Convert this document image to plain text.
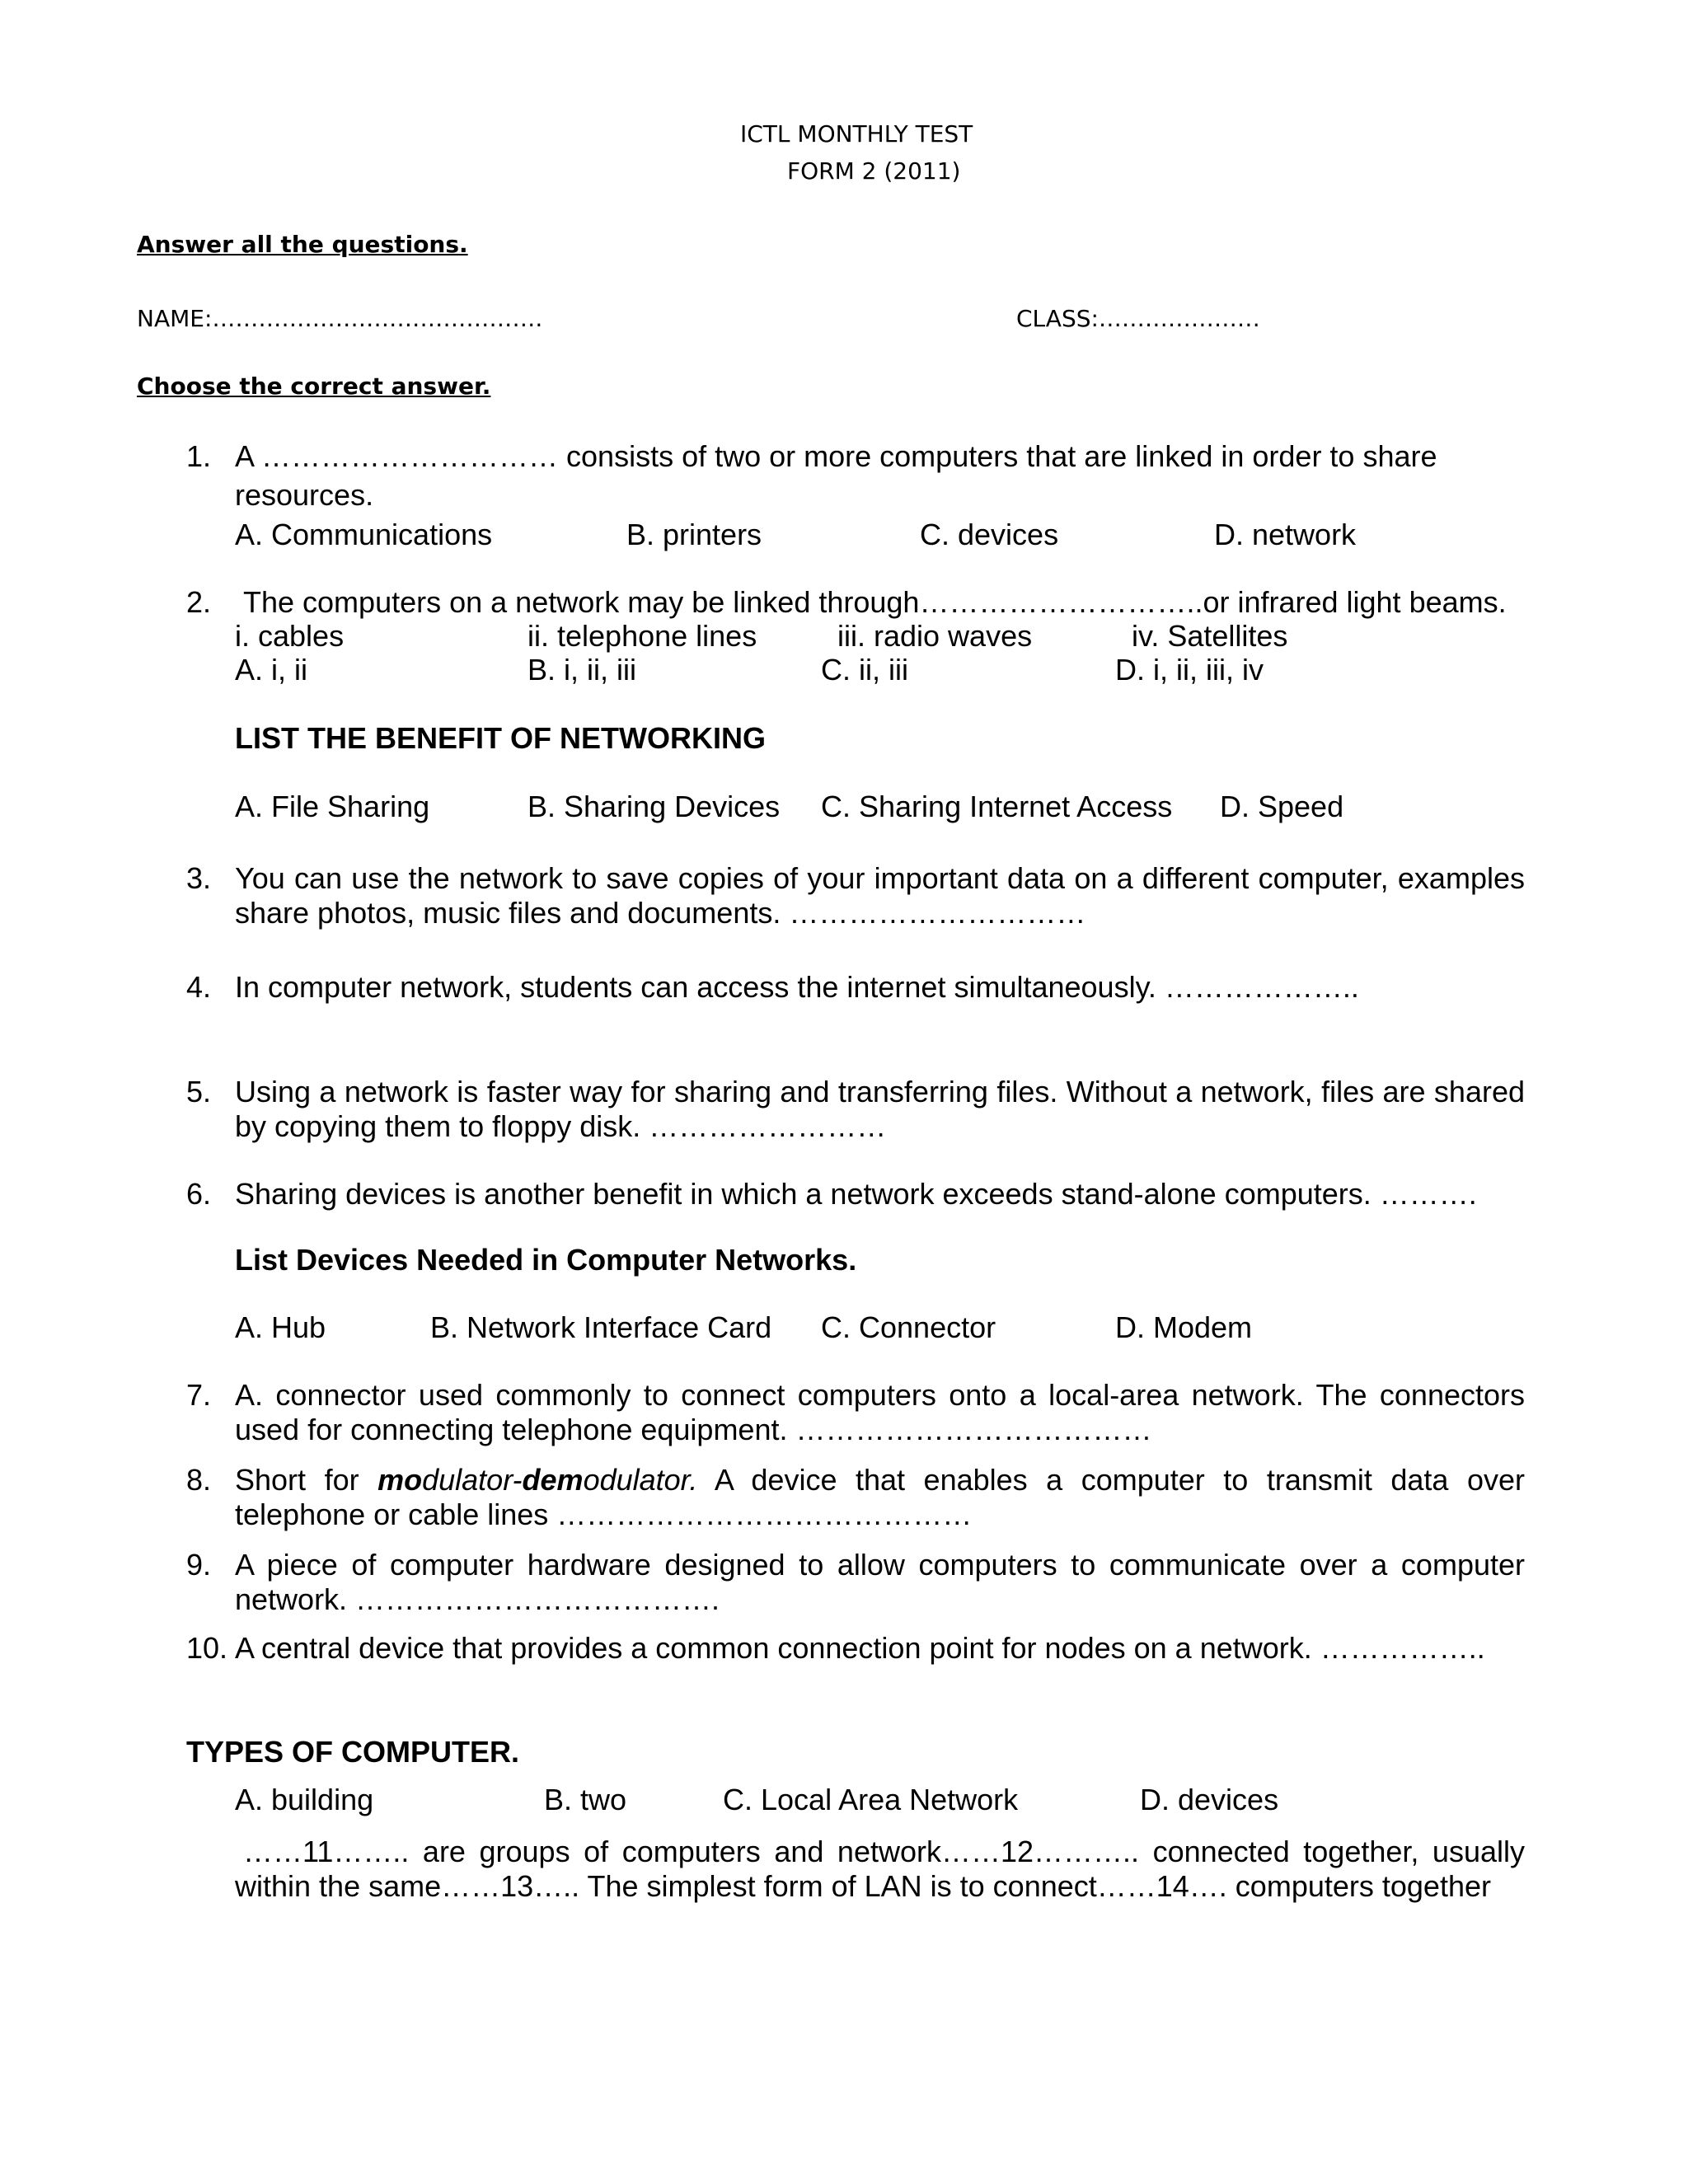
ICTL MONTHLY TEST
FORM 2 (2011)
Answer all the questions.
NAME:…………………………………….	CLASS:…………………
Choose the correct answer.
1. A ………………………… consists of two or more computers that are linked in order to share
resources.
A. Communications	B. printers	C. devices	D. network
2. The computers on a network may be linked through………………………..or infrared light beams.
i. cables	ii. telephone lines	iii. radio waves	iv. Satellites
A. i, ii	B. i, ii, iii	C. ii, iii	D. i, ii, iii, iv
LIST THE BENEFIT OF NETWORKING
A. File Sharing	B. Sharing Devices C. Sharing Internet Access D. Speed
3. You can use the network to save copies of your important data on a different computer, examples share photos, music files and documents. …………………………
4. In computer network, students can access the internet simultaneously. ………………..
5. Using a network is faster way for sharing and transferring files. Without a network, files are shared by copying them to floppy disk. ……………………
6. Sharing devices is another benefit in which a network exceeds stand-alone computers. ……….
List Devices Needed in Computer Networks.
A. Hub	B. Network Interface Card C. Connector	D. Modem
7. A. connector used commonly to connect computers onto a local-area network. The connectors used for connecting telephone equipment. ………………………………
8. Short for modulator-demodulator. A device that enables a computer to transmit data over telephone or cable lines ……………………………………
9. A piece of computer hardware designed to allow computers to communicate over a computer network. ……………………………….
10. A central device that provides a common connection point for nodes on a network. ……………..
TYPES OF COMPUTER.
A. building	B. two	C. Local Area Network	D. devices
……11…….. are groups of computers and network……12……….. connected together, usually within the same……13….. The simplest form of LAN is to connect……14…. computers together
